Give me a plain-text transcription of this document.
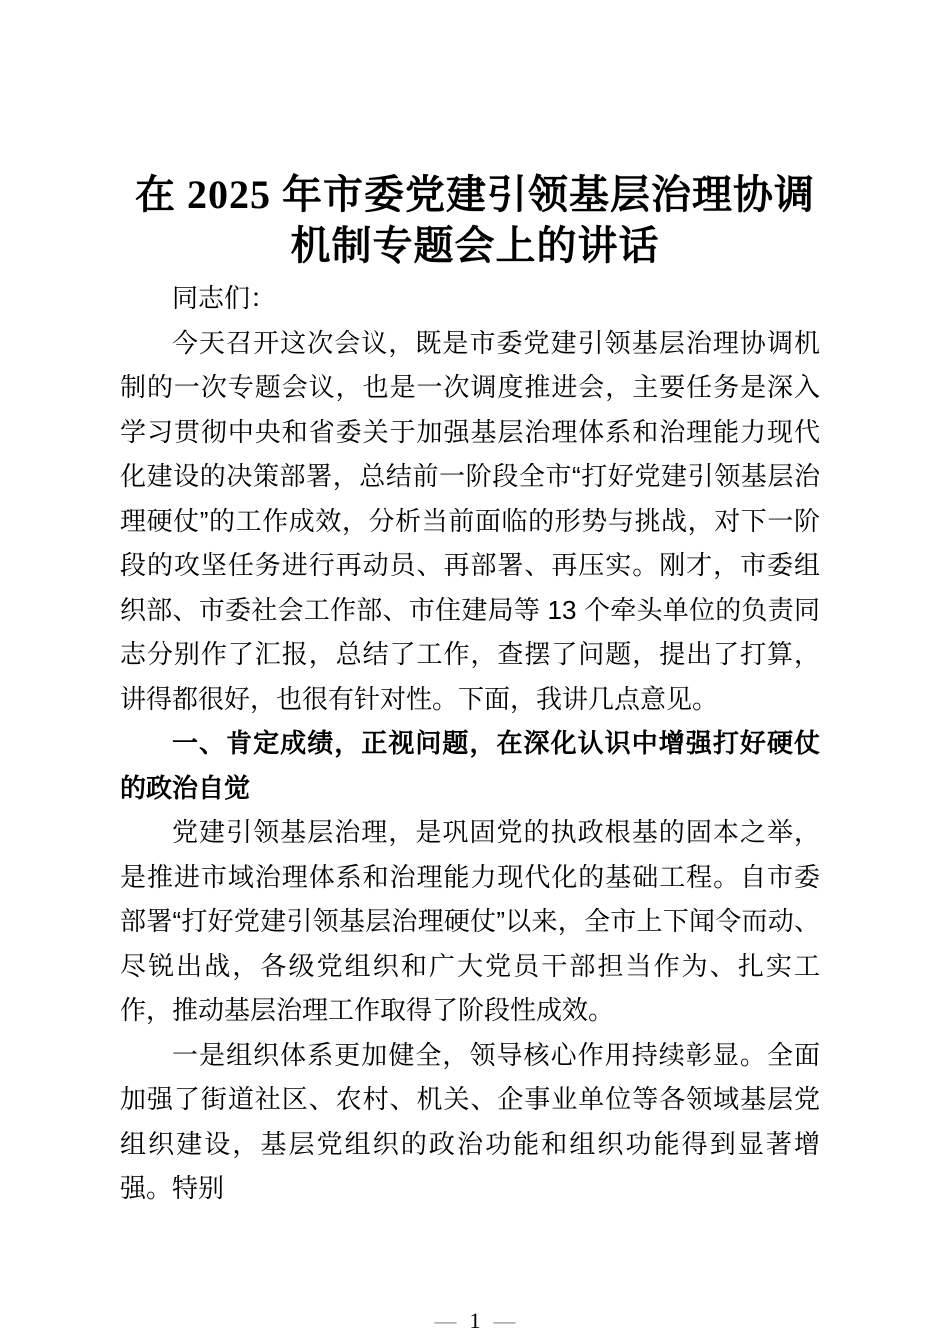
在 2025 年市委党建引领基层治理协调
机制专题会上的讲话

同志们：

今天召开这次会议，既是市委党建引领基层治理协调机制的一次专题会议，也是一次调度推进会，主要任务是深入学习贯彻中央和省委关于加强基层治理体系和治理能力现代化建设的决策部署，总结前一阶段全市“打好党建引领基层治理硬仗”的工作成效，分析当前面临的形势与挑战，对下一阶段的攻坚任务进行再动员、再部署、再压实。刚才，市委组织部、市委社会工作部、市住建局等 13 个牵头单位的负责同志分别作了汇报，总结了工作，查摆了问题，提出了打算，讲得都很好，也很有针对性。下面，我讲几点意见。

一、肯定成绩，正视问题，在深化认识中增强打好硬仗的政治自觉

党建引领基层治理，是巩固党的执政根基的固本之举，是推进市域治理体系和治理能力现代化的基础工程。自市委部署“打好党建引领基层治理硬仗”以来，全市上下闻令而动、尽锐出战，各级党组织和广大党员干部担当作为、扎实工作，推动基层治理工作取得了阶段性成效。

一是组织体系更加健全，领导核心作用持续彰显。全面加强了街道社区、农村、机关、企事业单位等各领域基层党组织建设，基层党组织的政治功能和组织功能得到显著增强。特别

— 1 —
